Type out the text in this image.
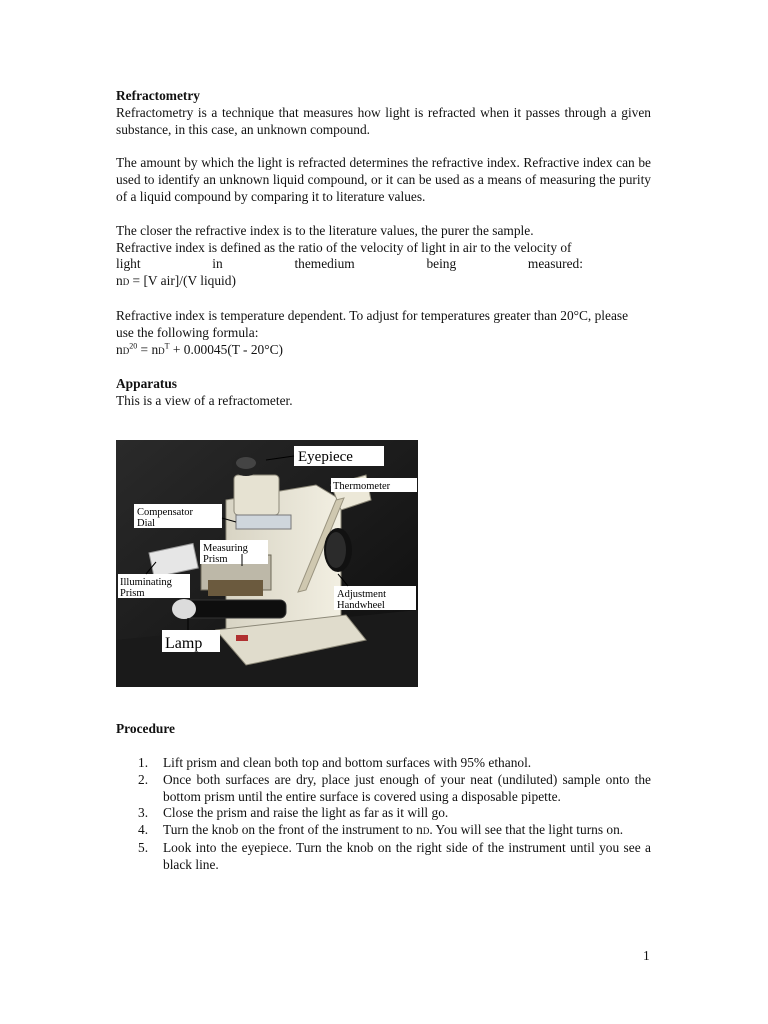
Refractometry

Refractometry is a technique that measures how light is refracted when it passes through a given substance, in this case, an unknown compound.

The amount by which the light is refracted determines the refractive index. Refractive index can be used to identify an unknown liquid compound, or it can be used as a means of measuring the purity of a liquid compound by comparing it to literature values.

The closer the refractive index is to the literature values, the purer the sample.

Refractive index is defined as the ratio of the velocity of light in air to the velocity of

light	in	themedium	being	measured:

nD = [V air]/(V liquid)

Refractive index is temperature dependent. To adjust for temperatures greater than 20°C, please use the following formula:

$nD^{20} = nD^T + 0.00045(T - 20^\circ C)$

Apparatus

This is a view of a refractometer.

Eyepiece
Thermometer
Compensator
Dial
Measuring
Prism
Illuminating
Prism	Adjustment
Handwheel
Lamp
Procedure
1. Lift prism and clean both top and bottom surfaces with 95% ethanol.
2. Once both surfaces are dry, place just enough of your neat (undiluted) sample onto the bottom prism until the entire surface is covered using a disposable pipette.
3. Close the prism and raise the light as far as it will go.
4. Turn the knob on the front of the instrument to nD. You will see that the light turns on.
5. Look into the eyepiece. Turn the knob on the right side of the instrument until you see a black line.
1
